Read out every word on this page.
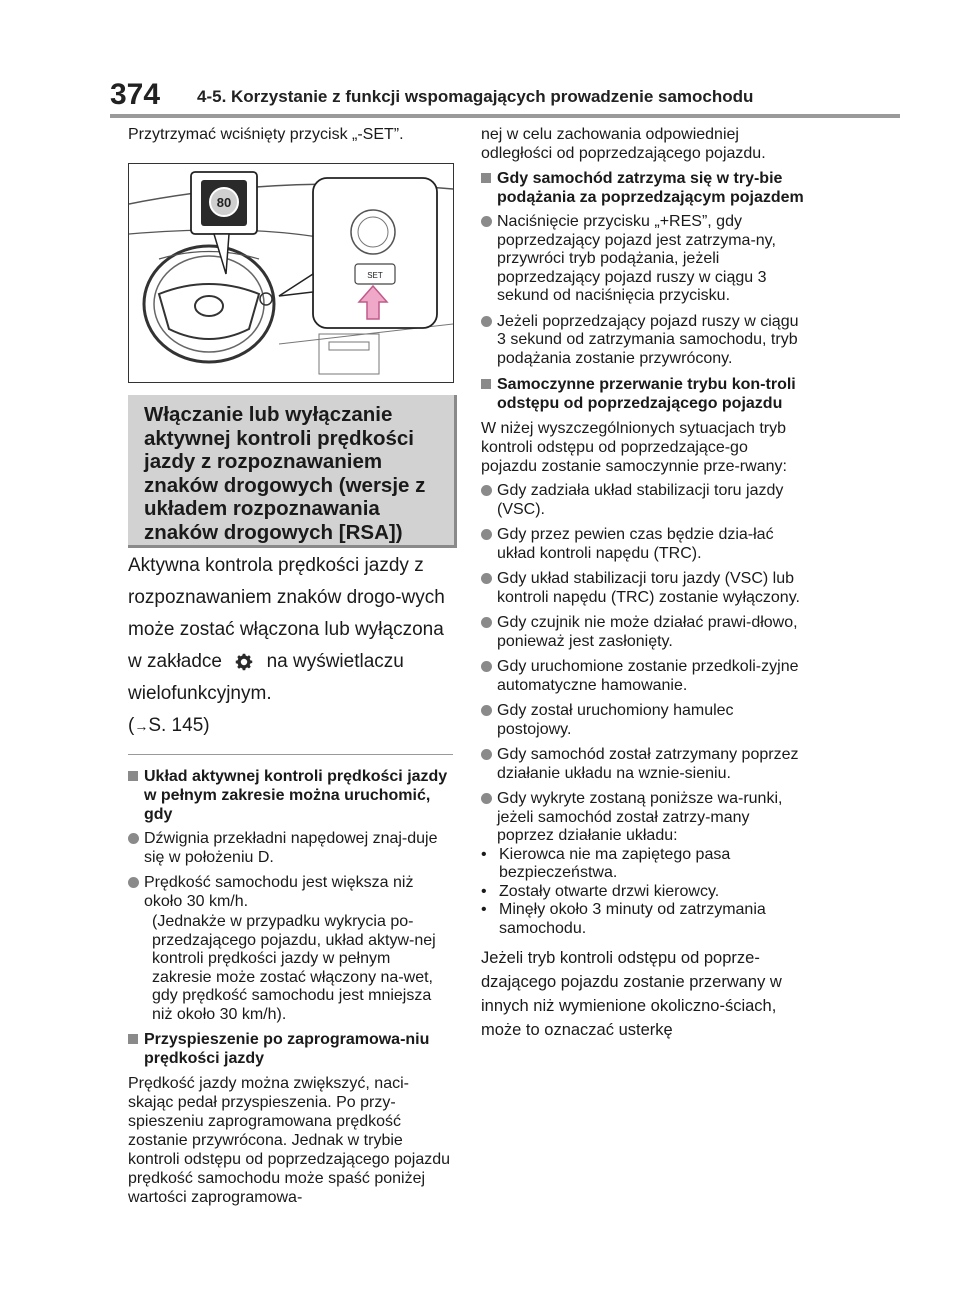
374 4-5. Korzystanie z funkcji wspomagających prowadzenie samochodu

Przytrzymać wciśnięty przycisk „-SET”.

80
SET
Włączanie lub wyłączanie aktywnej kontroli prędkości jazdy z rozpoznawaniem znaków drogowych (wersje z układem rozpoznawania znaków drogowych [RSA])

Aktywna kontrola prędkości jazdy z rozpoznawaniem znaków drogo-wych może zostać włączona lub wyłączona w zakładce na wyświetlaczu wielofunkcyjnym.

(→S. 145)

Układ aktywnej kontroli prędkości jazdy w pełnym zakresie można uruchomić, gdy
Dźwignia przekładni napędowej znaj-duje się w położeniu D.
Prędkość samochodu jest większa niż około 30 km/h.

(Jednakże w przypadku wykrycia po-przedzającego pojazdu, układ aktyw-nej kontroli prędkości jazdy w pełnym zakresie może zostać włączony na-wet, gdy prędkość samochodu jest mniejsza niż około 30 km/h).

Przyspieszenie po zaprogramowa-niu prędkości jazdy

Prędkość jazdy można zwiększyć, naci-skając pedał przyspieszenia. Po przy-spieszeniu zaprogramowana prędkość zostanie przywrócona. Jednak w trybie kontroli odstępu od poprzedzającego pojazdu prędkość samochodu może spaść poniżej wartości zaprogramowa-

nej w celu zachowania odpowiedniej odległości od poprzedzającego pojazdu.

Gdy samochód zatrzyma się w try-bie podążania za poprzedzającym pojazdem
Naciśnięcie przycisku „+RES”, gdy poprzedzający pojazd jest zatrzyma-ny, przywróci tryb podążania, jeżeli poprzedzający pojazd ruszy w ciągu 3 sekund od naciśnięcia przycisku.
Jeżeli poprzedzający pojazd ruszy w ciągu 3 sekund od zatrzymania samochodu, tryb podążania zostanie przywrócony.
Samoczynne przerwanie trybu kon-troli odstępu od poprzedzającego pojazdu

W niżej wyszczególnionych sytuacjach tryb kontroli odstępu od poprzedzające-go pojazdu zostanie samoczynnie prze-rwany:

Gdy zadziała układ stabilizacji toru jazdy (VSC).
Gdy przez pewien czas będzie dzia-łać układ kontroli napędu (TRC).
Gdy układ stabilizacji toru jazdy (VSC) lub kontroli napędu (TRC) zostanie wyłączony.
Gdy czujnik nie może działać prawi-dłowo, ponieważ jest zasłonięty.
Gdy uruchomione zostanie przedkoli-zyjne automatyczne hamowanie.
Gdy został uruchomiony hamulec postojowy.
Gdy samochód został zatrzymany poprzez działanie układu na wznie-sieniu.
Gdy wykryte zostaną poniższe wa-runki, jeżeli samochód został zatrzy-many poprzez działanie układu:
• Kierowca nie ma zapiętego pasa bezpieczeństwa.
• Zostały otwarte drzwi kierowcy.
• Minęły około 3 minuty od zatrzymania samochodu.

Jeżeli tryb kontroli odstępu od poprze-dzającego pojazdu zostanie przerwany w innych niż wymienione okoliczno-ściach, może to oznaczać usterkę
